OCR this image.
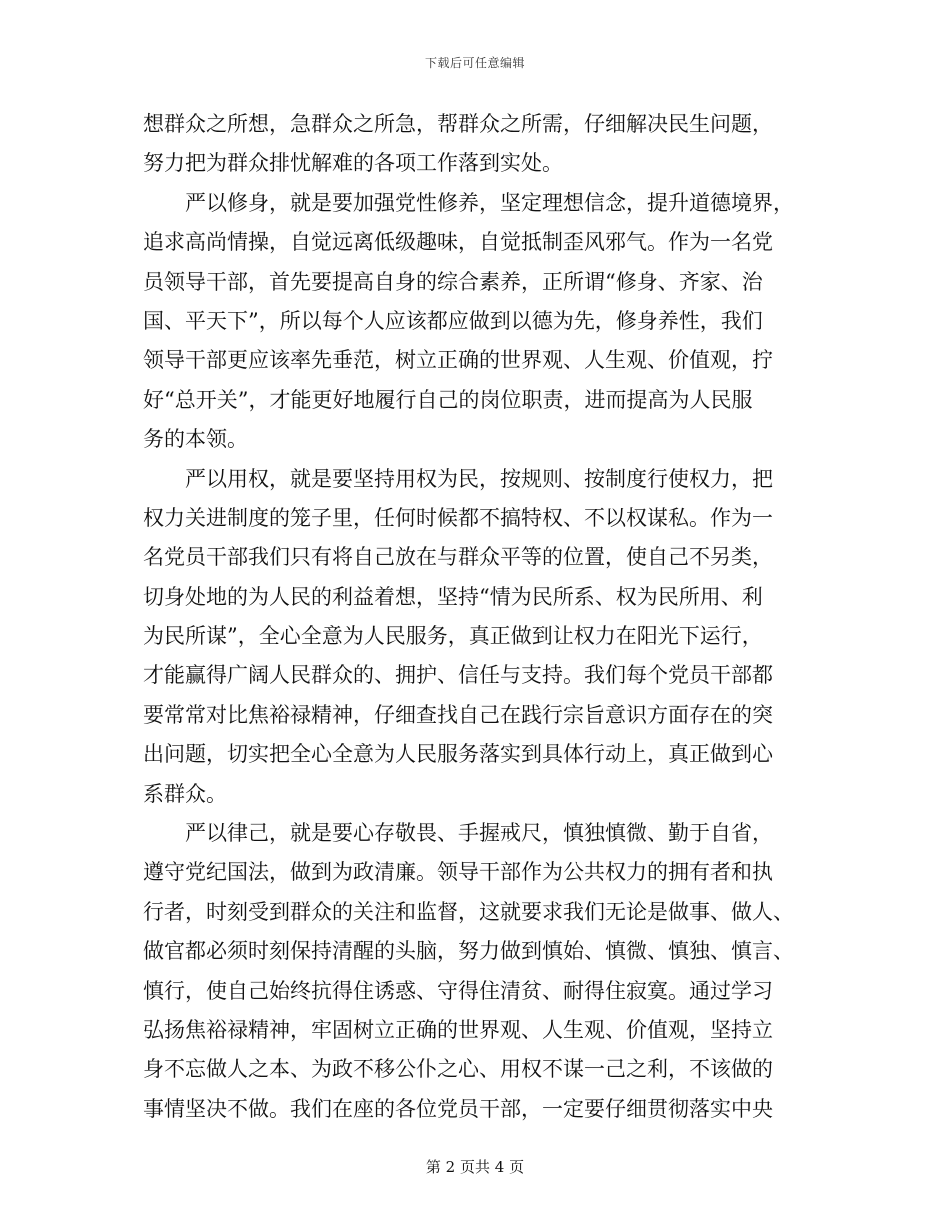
下载后可任意编辑
想群众之所想，急群众之所急，帮群众之所需，仔细解决民生问题，
努力把为群众排忧解难的各项工作落到实处。
严以修身，就是要加强党性修养，坚定理想信念，提升道德境界，
追求高尚情操，自觉远离低级趣味，自觉抵制歪风邪气。作为一名党
员领导干部，首先要提高自身的综合素养，正所谓“修身、齐家、治
国、平天下”，所以每个人应该都应做到以德为先，修身养性，我们
领导干部更应该率先垂范，树立正确的世界观、人生观、价值观，拧
好“总开关”，才能更好地履行自己的岗位职责，进而提高为人民服
务的本领。
严以用权，就是要坚持用权为民，按规则、按制度行使权力，把
权力关进制度的笼子里，任何时候都不搞特权、不以权谋私。作为一
名党员干部我们只有将自己放在与群众平等的位置，使自己不另类，
切身处地的为人民的利益着想，坚持“情为民所系、权为民所用、利
为民所谋”，全心全意为人民服务，真正做到让权力在阳光下运行，
才能赢得广阔人民群众的、拥护、信任与支持。我们每个党员干部都
要常常对比焦裕禄精神，仔细查找自己在践行宗旨意识方面存在的突
出问题，切实把全心全意为人民服务落实到具体行动上，真正做到心
系群众。
严以律己，就是要心存敬畏、手握戒尺，慎独慎微、勤于自省，
遵守党纪国法，做到为政清廉。领导干部作为公共权力的拥有者和执
行者，时刻受到群众的关注和监督，这就要求我们无论是做事、做人、
做官都必须时刻保持清醒的头脑，努力做到慎始、慎微、慎独、慎言、
慎行，使自己始终抗得住诱惑、守得住清贫、耐得住寂寞。通过学习
弘扬焦裕禄精神，牢固树立正确的世界观、人生观、价值观，坚持立
身不忘做人之本、为政不移公仆之心、用权不谋一己之利，不该做的
事情坚决不做。我们在座的各位党员干部，一定要仔细贯彻落实中央
第 2 页共 4 页
